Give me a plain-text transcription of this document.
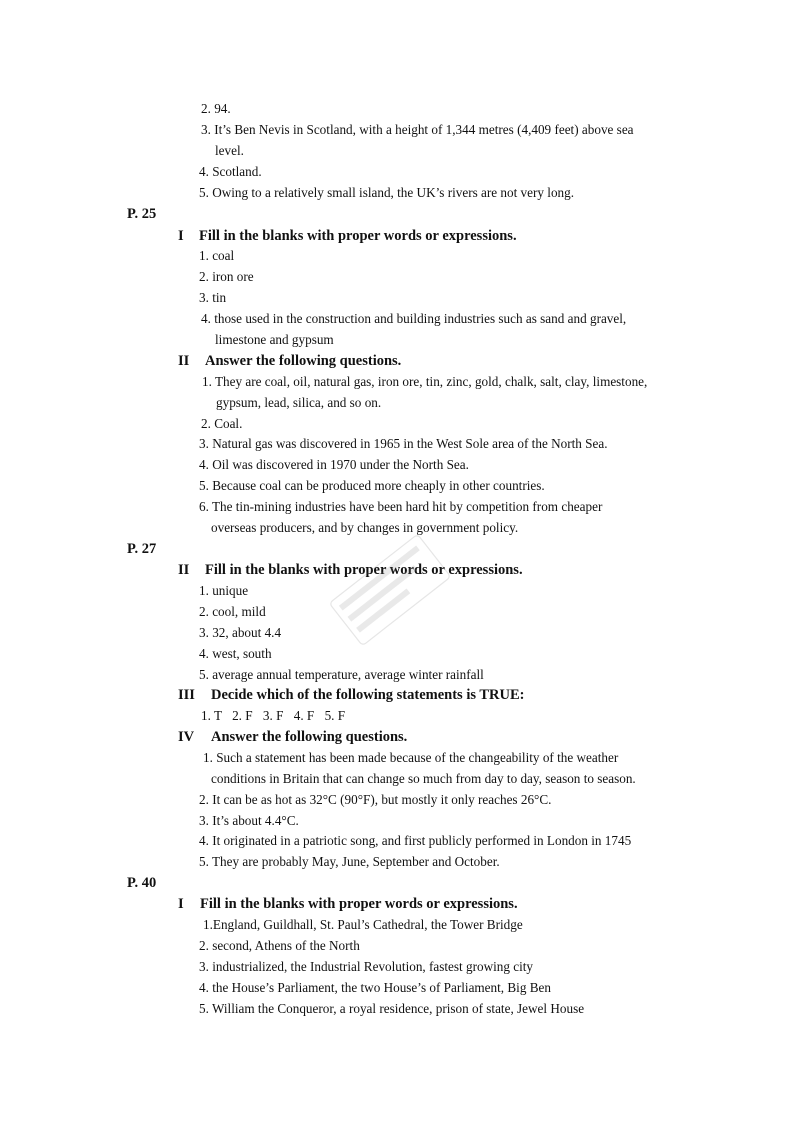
2. 94.
3. It’s Ben Nevis in Scotland, with a height of 1,344 metres (4,409 feet) above sea
level.
4. Scotland.
5. Owing to a relatively small island, the UK’s rivers are not very long.
P. 25
I Fill in the blanks with proper words or expressions.
1. coal
2. iron ore
3. tin
4. those used in the construction and building industries such as sand and gravel,
limestone and gypsum
II Answer the following questions.
1. They are coal, oil, natural gas, iron ore, tin, zinc, gold, chalk, salt, clay, limestone,
gypsum, lead, silica, and so on.
2. Coal.
3. Natural gas was discovered in 1965 in the West Sole area of the North Sea.
4. Oil was discovered in 1970 under the North Sea.
5. Because coal can be produced more cheaply in other countries.
6. The tin-mining industries have been hard hit by competition from cheaper
overseas producers, and by changes in government policy.
P. 27
II Fill in the blanks with proper words or expressions.
1. unique
2. cool, mild
3. 32, about 4.4
4. west, south
5. average annual temperature, average winter rainfall
III Decide which of the following statements is TRUE:
1. T 2. F 3. F 4. F 5. F
IV Answer the following questions.
1. Such a statement has been made because of the changeability of the weather
conditions in Britain that can change so much from day to day, season to season.
2. It can be as hot as 32°C (90°F), but mostly it only reaches 26°C.
3. It’s about 4.4°C.
4. It originated in a patriotic song, and first publicly performed in London in 1745
5. They are probably May, June, September and October.
P. 40
I Fill in the blanks with proper words or expressions.
1.England, Guildhall, St. Paul’s Cathedral, the Tower Bridge
2. second, Athens of the North
3. industrialized, the Industrial Revolution, fastest growing city
4. the House’s Parliament, the two House’s of Parliament, Big Ben
5. William the Conqueror, a royal residence, prison of state, Jewel House
